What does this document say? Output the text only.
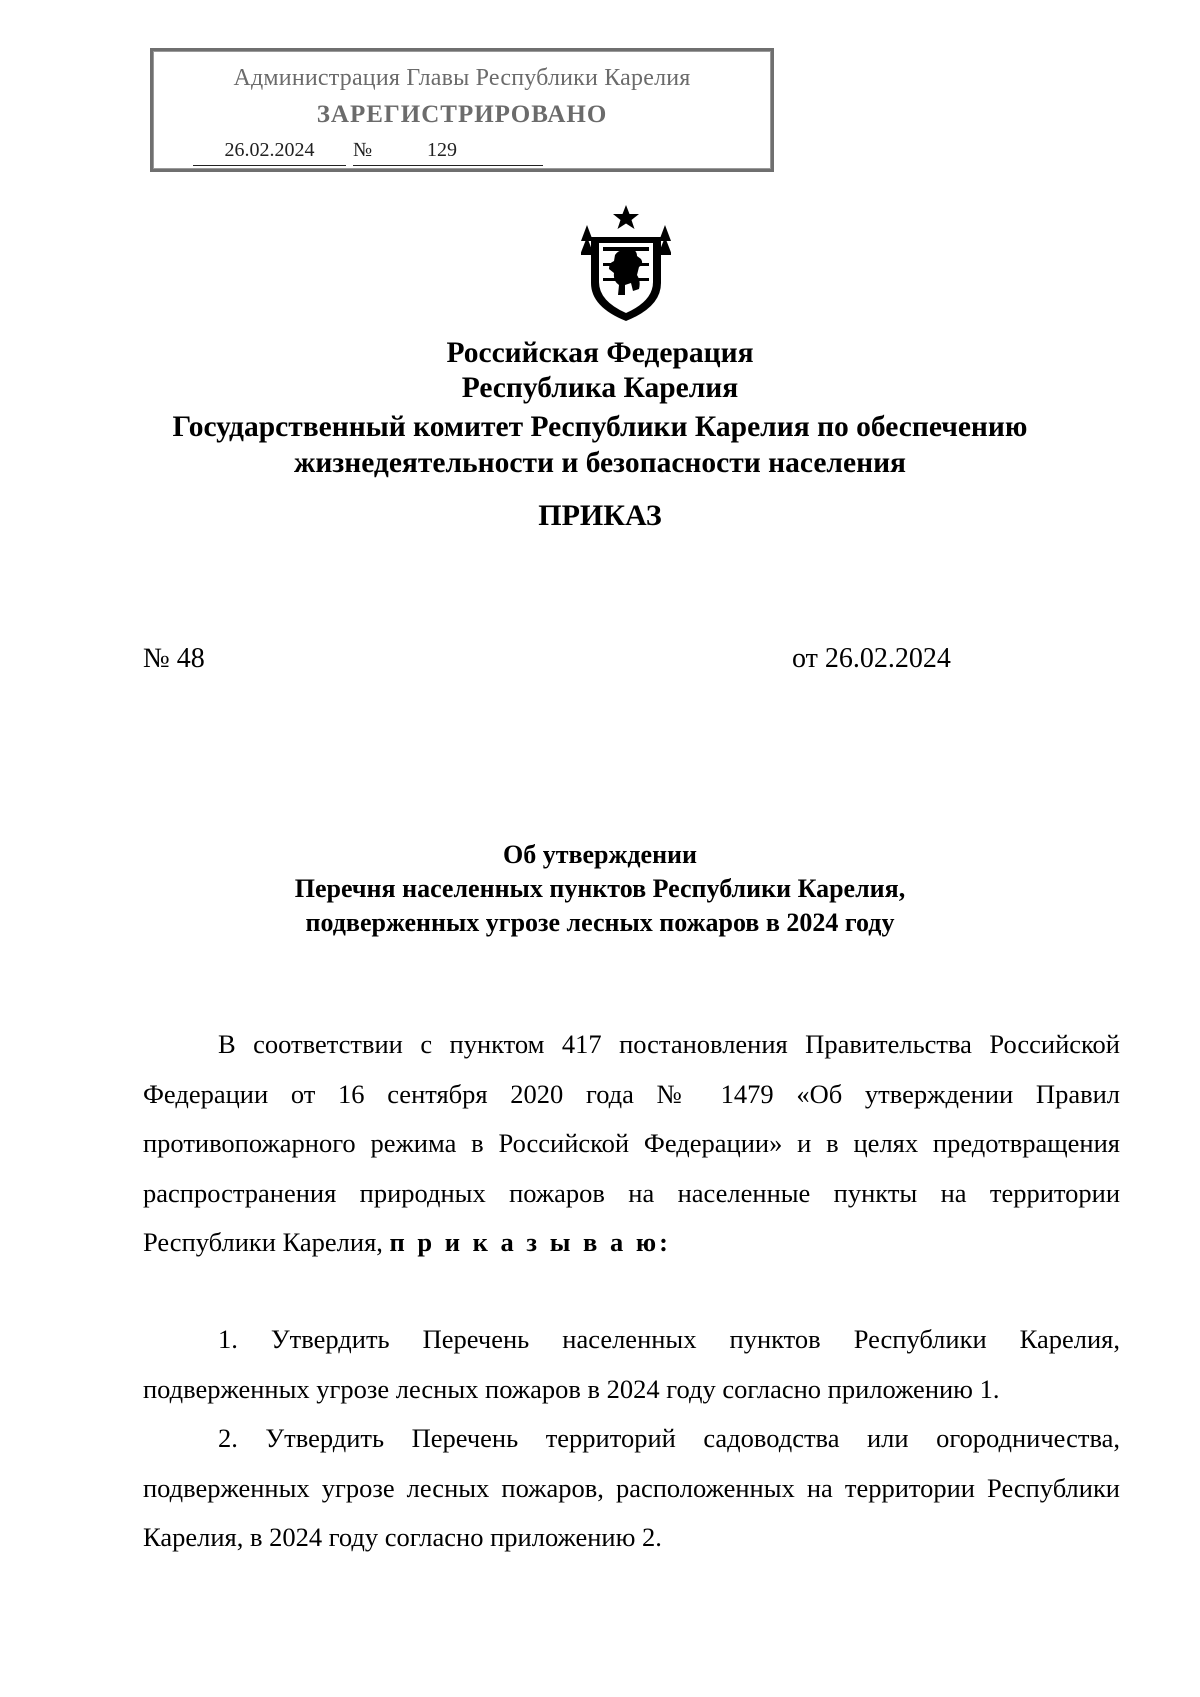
Администрация Главы Республики Карелия
ЗАРЕГИСТРИРОВАНО
26.02.2024	№	129
Российская Федерация
Республика Карелия
Государственный комитет Республики Карелия по обеспечению
жизнедеятельности и безопасности населения
ПРИКАЗ
№ 48	от 26.02.2024
Об утверждении
Перечня населенных пунктов Республики Карелия,
подверженных угрозе лесных пожаров в 2024 году
В соответствии с пунктом 417 постановления Правительства Российской Федерации от 16 сентября 2020 года № 1479 «Об утверждении Правил противопожарного режима в Российской Федерации» и в целях предотвращения распространения природных пожаров на населенные пункты на территории Республики Карелия, п р и к а з ы в а ю:
1. Утвердить Перечень населенных пунктов Республики Карелия, подверженных угрозе лесных пожаров в 2024 году согласно приложению 1.
2. Утвердить Перечень территорий садоводства или огородничества, подверженных угрозе лесных пожаров, расположенных на территории Республики Карелия, в 2024 году согласно приложению 2.
